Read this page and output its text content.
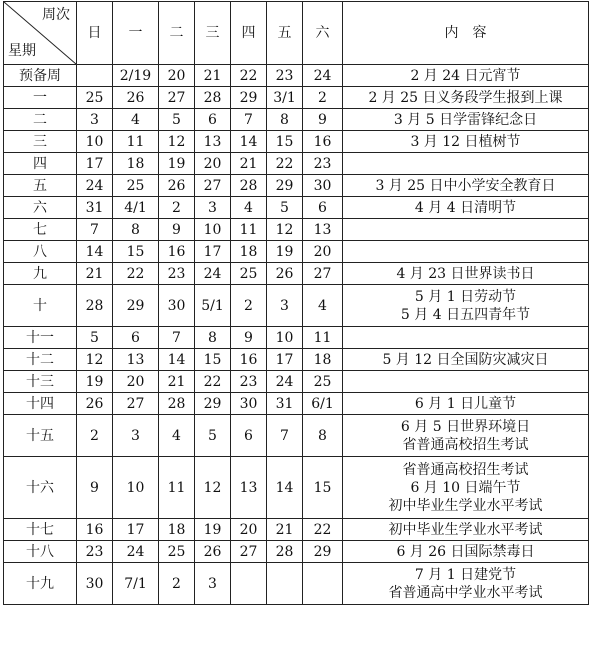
周次
星期	日	一	二	三	四	五	六	内　容
预备周		2/19	20	21	22	23	24	2 月 24 日元宵节

一	25	26	27	28	29	3/1	2	2 月 25 日义务段学生报到上课

二	3	4	5	6	7	8	9	3 月 5 日学雷锋纪念日

三	10	11	12	13	14	15	16	3 月 12 日植树节

四	17	18	19	20	21	22	23	

五	24	25	26	27	28	29	30	3 月 25 日中小学安全教育日

六	31	4/1	2	3	4	5	6	4 月 4 日清明节

七	7	8	9	10	11	12	13	

八	14	15	16	17	18	19	20	

九	21	22	23	24	25	26	27	4 月 23 日世界读书日

十	28	29	30	5/1	2	3	4	5 月 1 日劳动节
5 月 4 日五四青年节

十一	5	6	7	8	9	10	11	

十二	12	13	14	15	16	17	18	5 月 12 日全国防灾减灾日

十三	19	20	21	22	23	24	25	

十四	26	27	28	29	30	31	6/1	6 月 1 日儿童节

十五	2	3	4	5	6	7	8	6 月 5 日世界环境日
省普通高校招生考试

十六	9	10	11	12	13	14	15	省普通高校招生考试
6 月 10 日端午节
初中毕业生学业水平考试

十七	16	17	18	19	20	21	22	初中毕业生学业水平考试

十八	23	24	25	26	27	28	29	6 月 26 日国际禁毒日

十九	30	7/1	2	3				7 月 1 日建党节
省普通高中学业水平考试
